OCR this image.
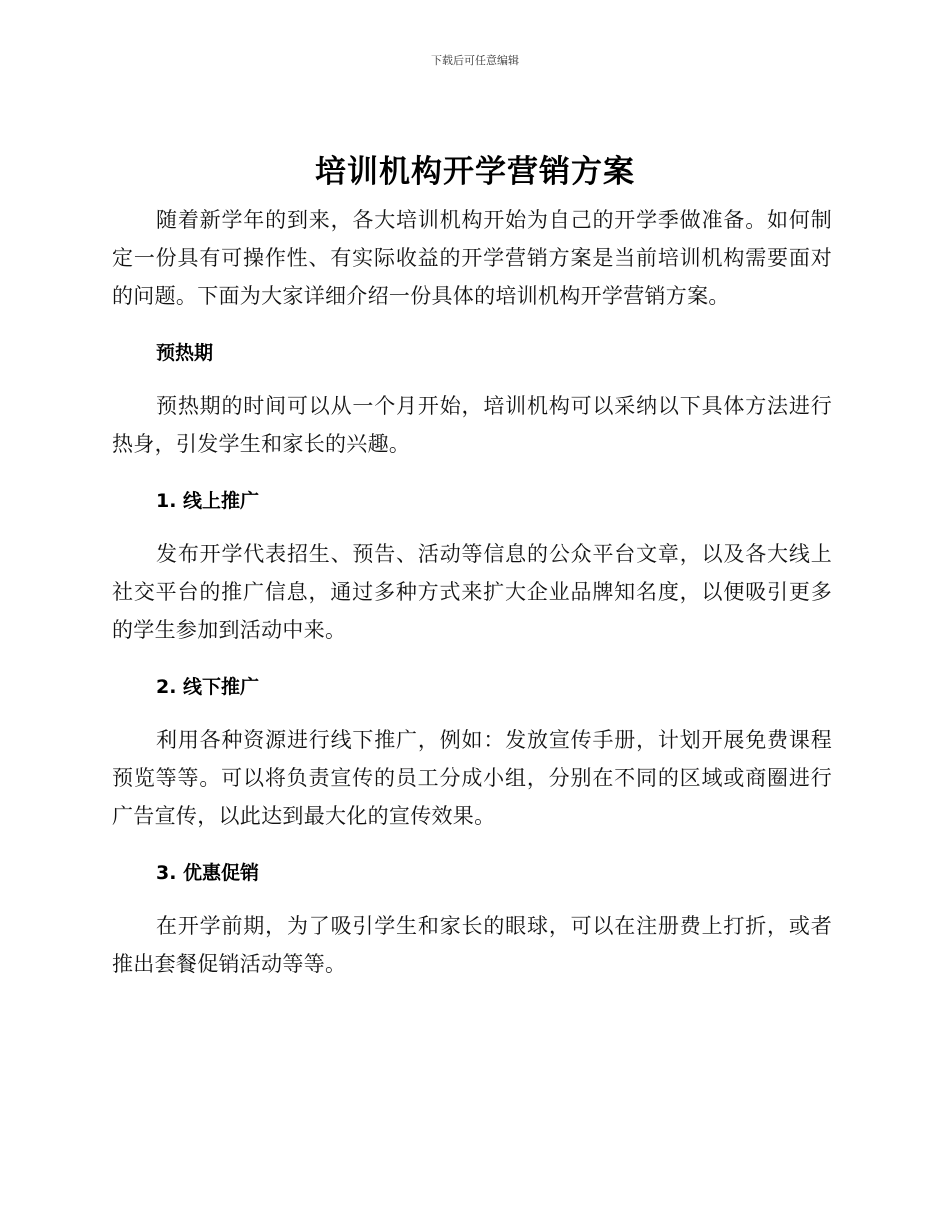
下载后可任意编辑
培训机构开学营销方案

随着新学年的到来，各大培训机构开始为自己的开学季做准备。如何制定一份具有可操作性、有实际收益的开学营销方案是当前培训机构需要面对的问题。下面为大家详细介绍一份具体的培训机构开学营销方案。

预热期

预热期的时间可以从一个月开始，培训机构可以采纳以下具体方法进行热身，引发学生和家长的兴趣。

1. 线上推广

发布开学代表招生、预告、活动等信息的公众平台文章，以及各大线上社交平台的推广信息，通过多种方式来扩大企业品牌知名度，以便吸引更多的学生参加到活动中来。

2. 线下推广

利用各种资源进行线下推广，例如：发放宣传手册，计划开展免费课程预览等等。可以将负责宣传的员工分成小组，分别在不同的区域或商圈进行广告宣传，以此达到最大化的宣传效果。

3. 优惠促销

在开学前期，为了吸引学生和家长的眼球，可以在注册费上打折，或者推出套餐促销活动等等。
